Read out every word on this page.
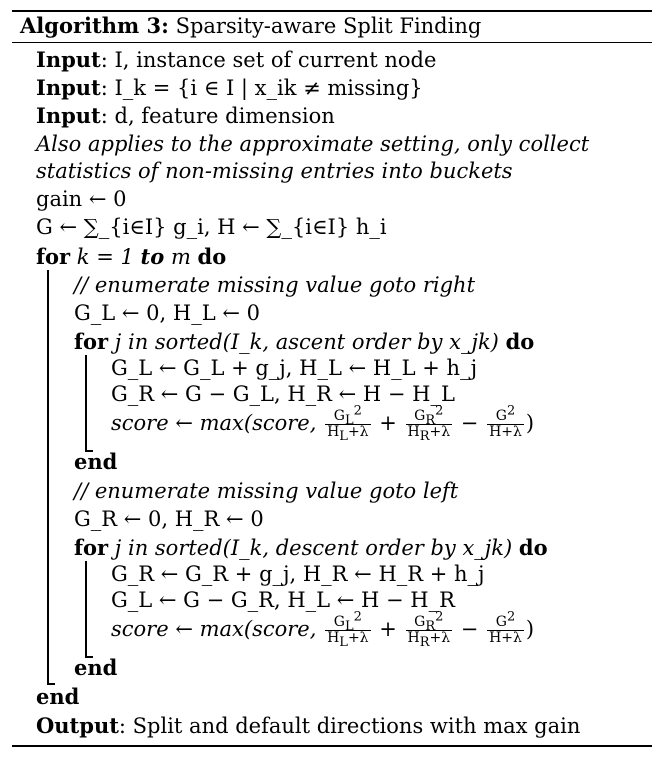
Algorithm 3: Sparsity-aware Split Finding
Input: I, instance set of current node
Input: I_k = {i ∈ I | x_ik ≠ missing}
Input: d, feature dimension
Also applies to the approximate setting, only collect
statistics of non-missing entries into buckets
gain ← 0
G ← ∑_{i∈I} g_i, H ← ∑_{i∈I} h_i
for k = 1 to m do
// enumerate missing value goto right
G_L ← 0, H_L ← 0
for j in sorted(I_k, ascent order by x_jk) do
G_L ← G_L + g_j, H_L ← H_L + h_j
G_R ← G − G_L, H_R ← H − H_L
score ← max(score, $\frac{G_L^2}{H_L+\lambda} + \frac{G_R^2}{H_R+\lambda} - \frac{G^2}{H+\lambda}$ )
end
// enumerate missing value goto left
G_R ← 0, H_R ← 0
for j in sorted(I_k, descent order by x_jk) do
G_R ← G_R + g_j, H_R ← H_R + h_j
G_L ← G − G_R, H_L ← H − H_R
score ← max(score, $\frac{G_L^2}{H_L+\lambda} + \frac{G_R^2}{H_R+\lambda} - \frac{G^2}{H+\lambda}$ )
end
end
Output: Split and default directions with max gain
